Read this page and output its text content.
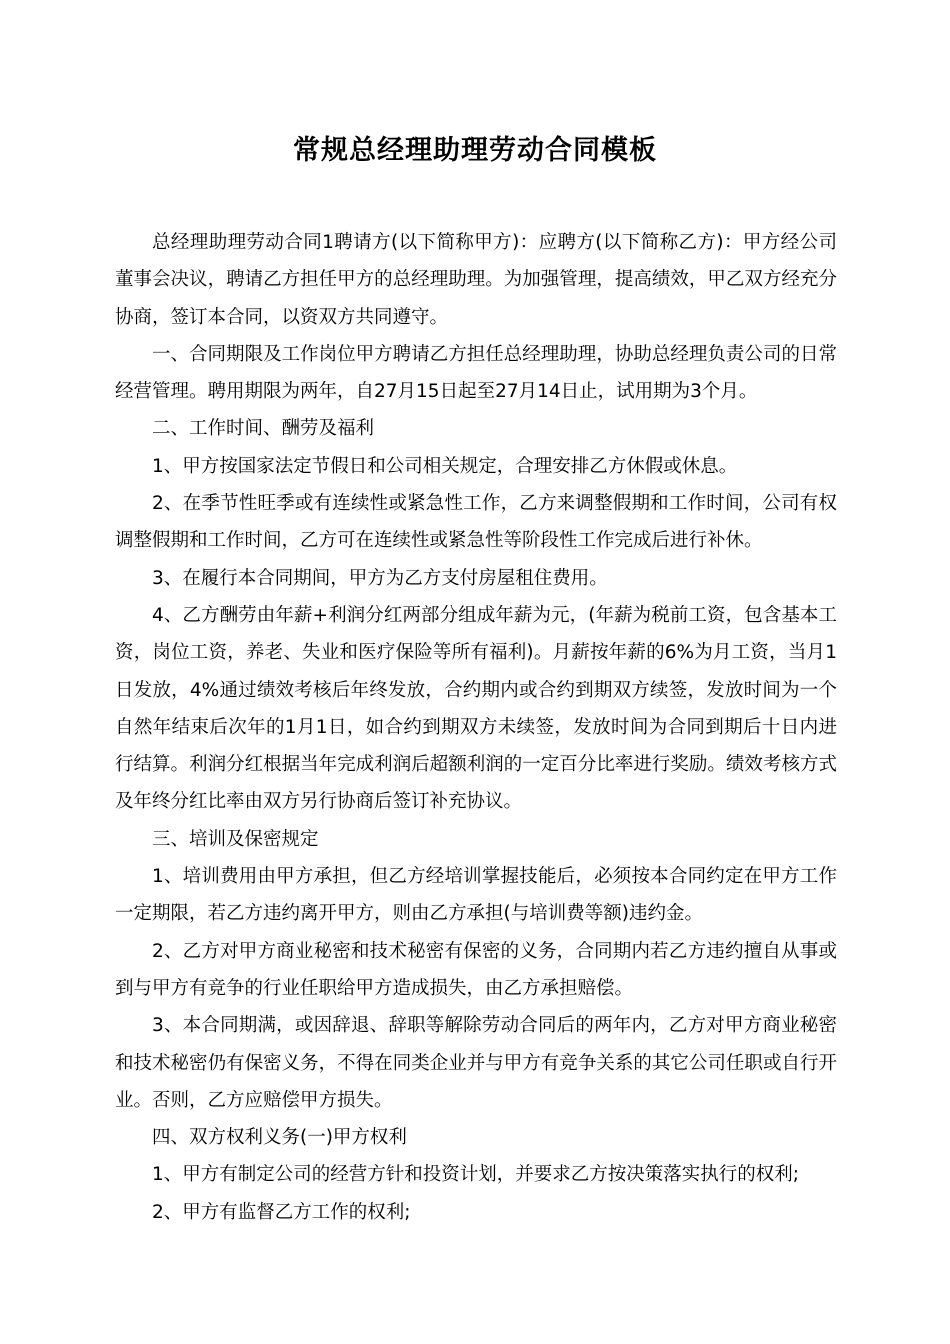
常规总经理助理劳动合同模板

总经理助理劳动合同1聘请方(以下简称甲方)：应聘方(以下简称乙方)：甲方经公司董事会决议，聘请乙方担任甲方的总经理助理。为加强管理，提高绩效，甲乙双方经充分协商，签订本合同，以资双方共同遵守。

一、合同期限及工作岗位甲方聘请乙方担任总经理助理，协助总经理负责公司的日常经营管理。聘用期限为两年，自27月15日起至27月14日止，试用期为3个月。

二、工作时间、酬劳及福利

1、甲方按国家法定节假日和公司相关规定，合理安排乙方休假或休息。

2、在季节性旺季或有连续性或紧急性工作，乙方来调整假期和工作时间，公司有权调整假期和工作时间，乙方可在连续性或紧急性等阶段性工作完成后进行补休。

3、在履行本合同期间，甲方为乙方支付房屋租住费用。

4、乙方酬劳由年薪+利润分红两部分组成年薪为元，(年薪为税前工资，包含基本工资，岗位工资，养老、失业和医疗保险等所有福利)。月薪按年薪的6%为月工资，当月1日发放，4%通过绩效考核后年终发放，合约期内或合约到期双方续签，发放时间为一个自然年结束后次年的1月1日，如合约到期双方未续签，发放时间为合同到期后十日内进行结算。利润分红根据当年完成利润后超额利润的一定百分比率进行奖励。绩效考核方式及年终分红比率由双方另行协商后签订补充协议。

三、培训及保密规定

1、培训费用由甲方承担，但乙方经培训掌握技能后，必须按本合同约定在甲方工作一定期限，若乙方违约离开甲方，则由乙方承担(与培训费等额)违约金。

2、乙方对甲方商业秘密和技术秘密有保密的义务，合同期内若乙方违约擅自从事或到与甲方有竞争的行业任职给甲方造成损失，由乙方承担赔偿。

3、本合同期满，或因辞退、辞职等解除劳动合同后的两年内，乙方对甲方商业秘密和技术秘密仍有保密义务，不得在同类企业并与甲方有竞争关系的其它公司任职或自行开业。否则，乙方应赔偿甲方损失。

四、双方权利义务(一)甲方权利

1、甲方有制定公司的经营方针和投资计划，并要求乙方按决策落实执行的权利;

2、甲方有监督乙方工作的权利;
